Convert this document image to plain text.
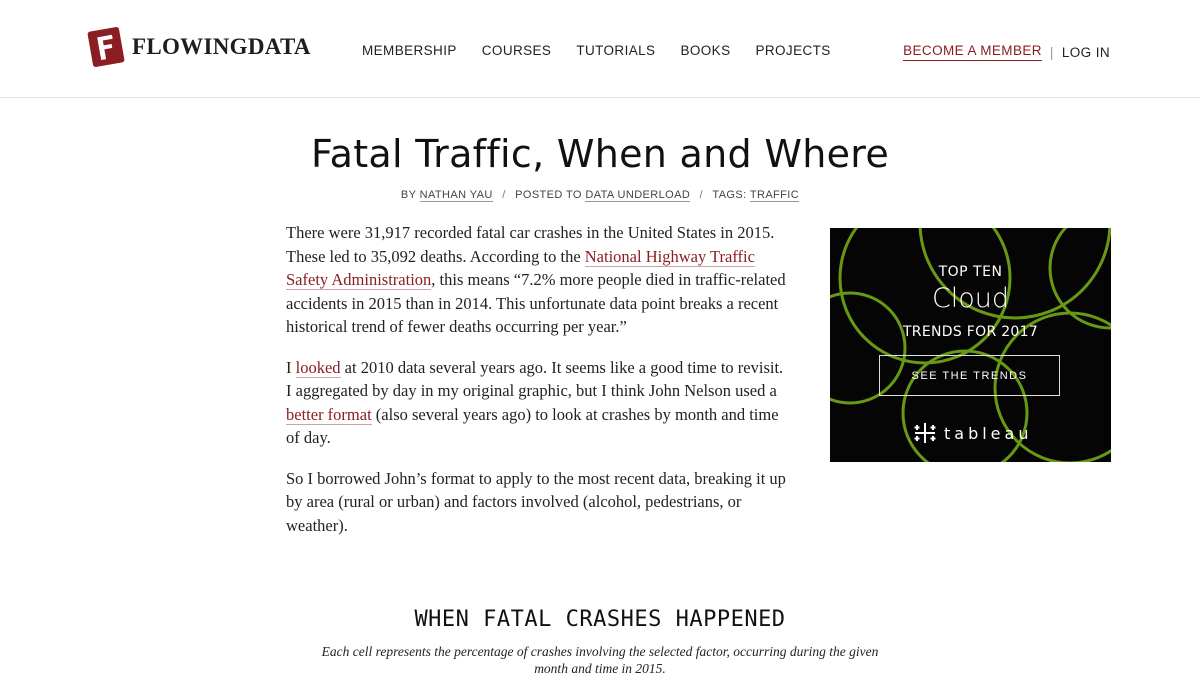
FLOWINGDATA	MEMBERSHIP COURSES TUTORIALS BOOKS PROJECTS	BECOME A MEMBER | LOG IN
Fatal Traffic, When and Where
BY NATHAN YAU / POSTED TO DATA UNDERLOAD / TAGS: TRAFFIC

There were 31,917 recorded fatal car crashes in the United States in 2015. These led to 35,092 deaths. According to the National Highway Traffic Safety Administration, this means “7.2% more people died in traffic-related accidents in 2015 than in 2014. This unfortunate data point breaks a recent historical trend of fewer deaths occurring per year.”

I looked at 2010 data several years ago. It seems like a good time to revisit. I aggregated by day in my original graphic, but I think John Nelson used a better format (also several years ago) to look at crashes by month and time of day.

So I borrowed John’s format to apply to the most recent data, breaking it up by area (rural or urban) and factors involved (alcohol, pedestrians, or weather).

TOP TEN
Cloud
TRENDS FOR 2017
SEE THE TRENDS
tableau
WHEN FATAL CRASHES HAPPENED
Each cell represents the percentage of crashes involving the selected factor, occurring during the given month and time in 2015.
